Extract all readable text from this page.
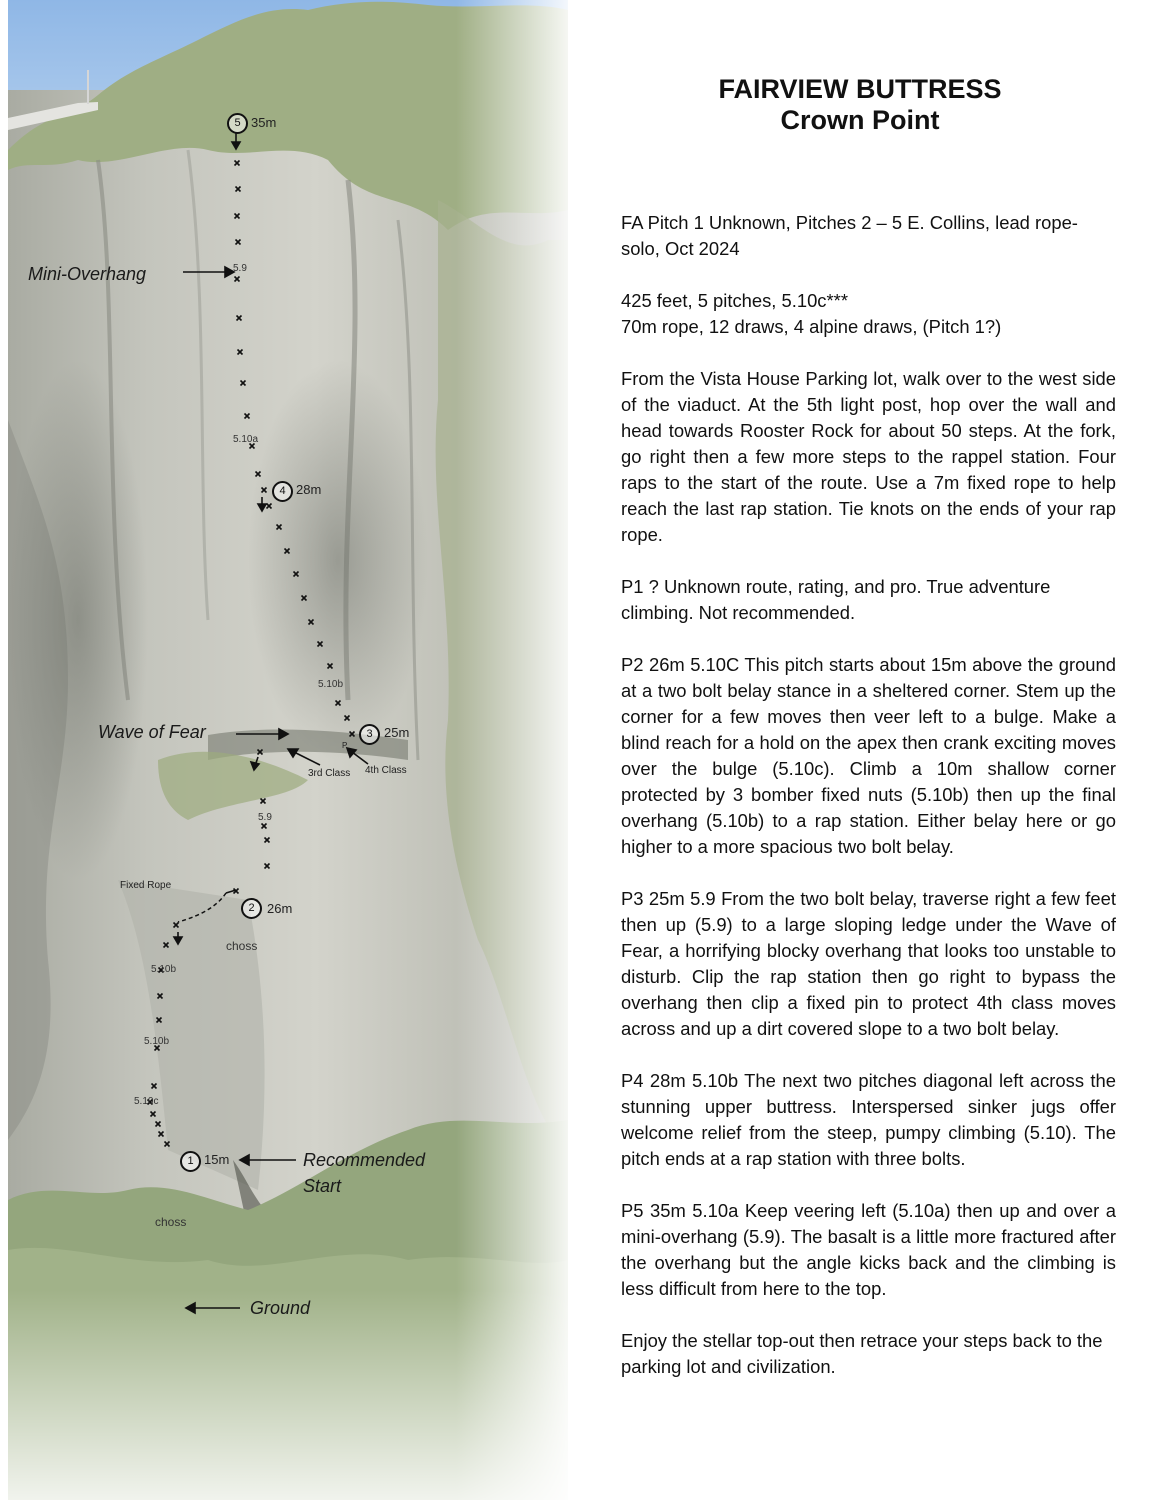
5 35m
4 28m
3 25m
2 26m
1 15m
Mini-Overhang
Wave of Fear
3rd Class 4th Class
P
Fixed Rope
choss
choss
Recommended
Start
Ground
5.9
5.10a
5.10b
5.9
5.10b
5.10b
5.10c
FAIRVIEW BUTTRESS
Crown Point

FA Pitch 1 Unknown, Pitches 2 – 5 E. Collins, lead rope-solo, Oct 2024

425 feet, 5 pitches, 5.10c***

70m rope, 12 draws, 4 alpine draws, (Pitch 1?)

From the Vista House Parking lot, walk over to the west side of the viaduct. At the 5th light post, hop over the wall and head towards Rooster Rock for about 50 steps. At the fork, go right then a few more steps to the rappel station. Four raps to the start of the route. Use a 7m fixed rope to help reach the last rap station. Tie knots on the ends of your rap rope.

P1 ? Unknown route, rating, and pro. True adventure climbing. Not recommended.

P2 26m 5.10C This pitch starts about 15m above the ground at a two bolt belay stance in a sheltered corner. Stem up the corner for a few moves then veer left to a bulge. Make a blind reach for a hold on the apex then crank exciting moves over the bulge (5.10c). Climb a 10m shallow corner protected by 3 bomber fixed nuts (5.10b) then up the final overhang (5.10b) to a rap station. Either belay here or go higher to a more spacious two bolt belay.

P3 25m 5.9 From the two bolt belay, traverse right a few feet then up (5.9) to a large sloping ledge under the Wave of Fear, a horrifying blocky overhang that looks too unstable to disturb. Clip the rap station then go right to bypass the overhang then clip a fixed pin to protect 4th class moves across and up a dirt covered slope to a two bolt belay.

P4 28m 5.10b The next two pitches diagonal left across the stunning upper buttress. Interspersed sinker jugs offer welcome relief from the steep, pumpy climbing (5.10). The pitch ends at a rap station with three bolts.

P5 35m 5.10a Keep veering left (5.10a) then up and over a mini-overhang (5.9). The basalt is a little more fractured after the overhang but the angle kicks back and the climbing is less difficult from here to the top.

Enjoy the stellar top-out then retrace your steps back to the parking lot and civilization.
